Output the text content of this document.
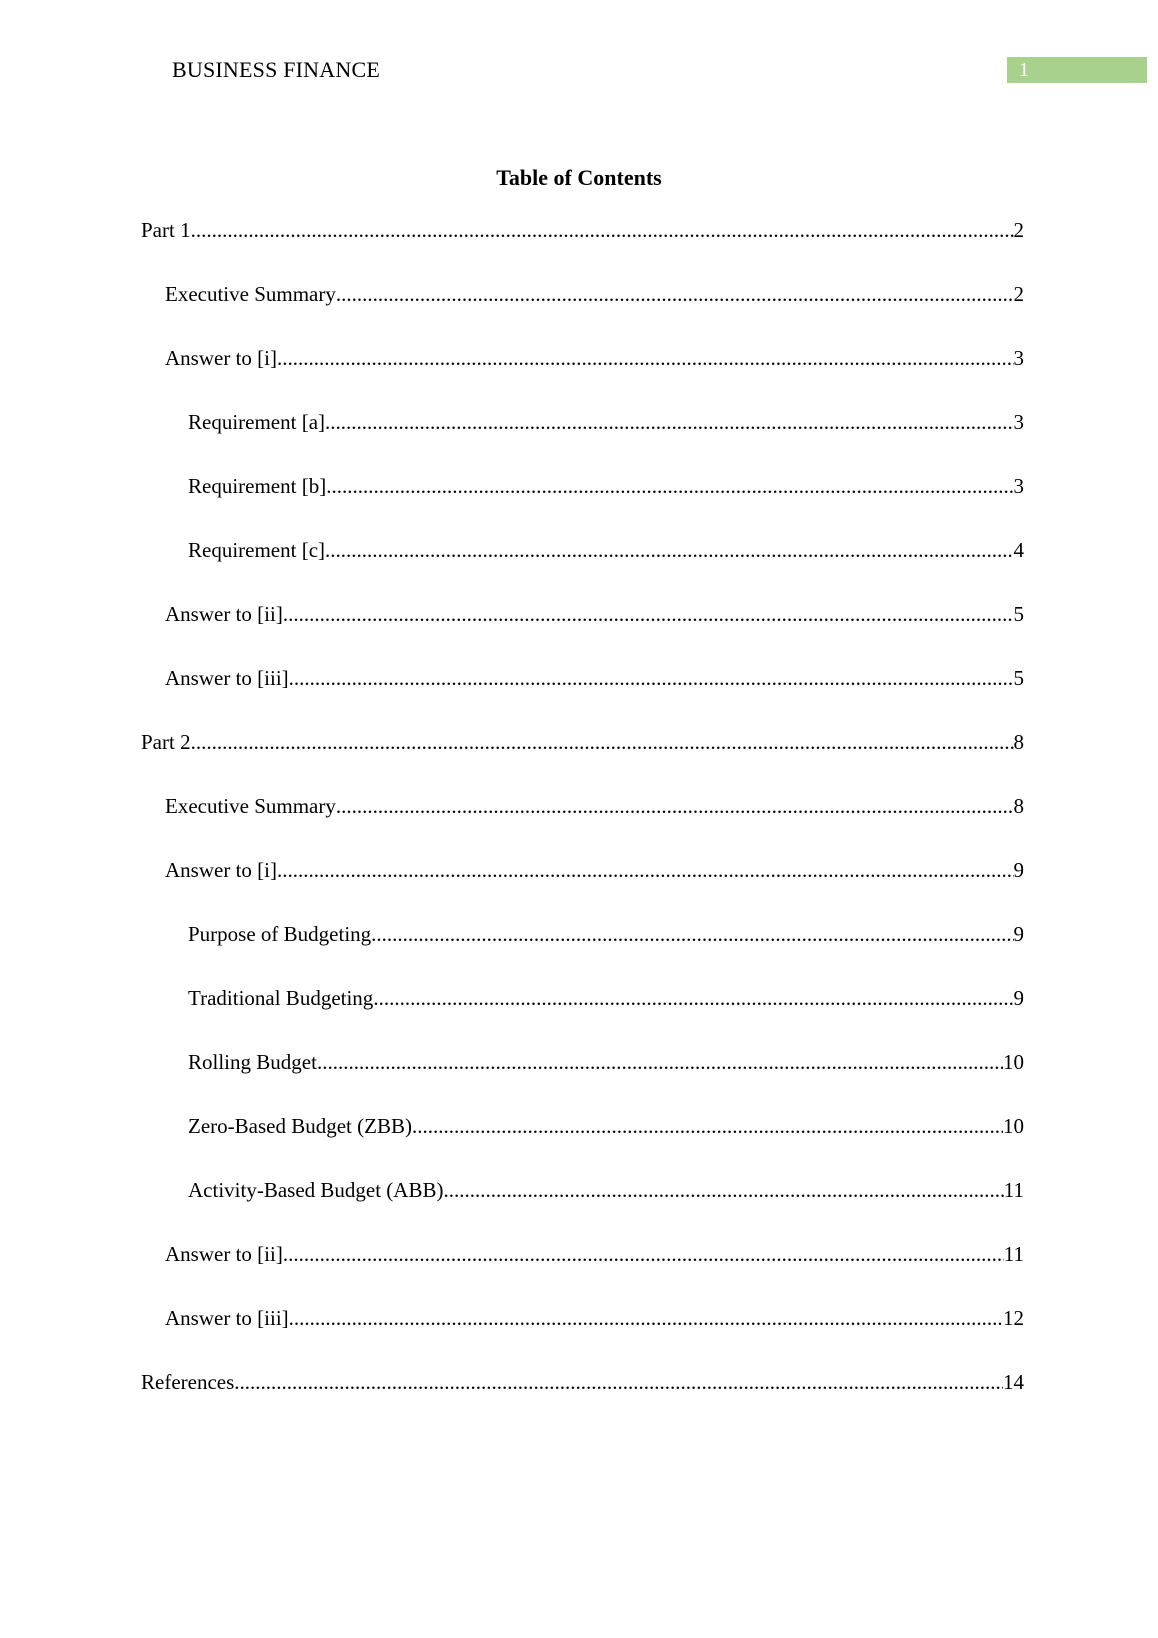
BUSINESS FINANCE	1
Table of Contents
Part 1 .....	2
Executive Summary .....	2
Answer to [i] .....	3
Requirement [a] .....	3
Requirement [b] .....	3
Requirement [c] .....	4
Answer to [ii] .....	5
Answer to [iii] .....	5
Part 2 .....	8
Executive Summary .....	8
Answer to [i] .....	9
Purpose of Budgeting .....	9
Traditional Budgeting .....	9
Rolling Budget .....	10
Zero-Based Budget (ZBB) .....	10
Activity-Based Budget (ABB) .....	11
Answer to [ii] .....	11
Answer to [iii] .....	12
References .....	14
